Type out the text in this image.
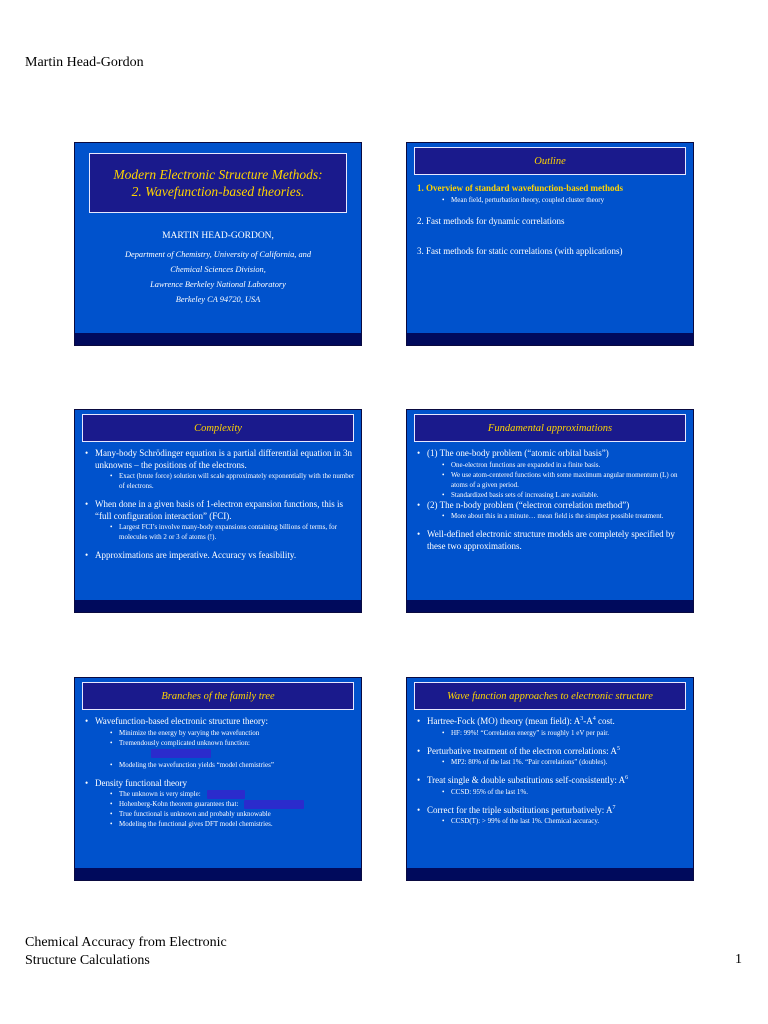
Martin Head-Gordon
Modern Electronic Structure Methods:
2. Wavefunction-based theories.
MARTIN HEAD-GORDON,
Department of Chemistry, University of California, and
Chemical Sciences Division,
Lawrence Berkeley National Laboratory
Berkeley CA 94720, USA
Outline
1. Overview of standard wavefunction-based methods
• Mean field, perturbation theory, coupled cluster theory
2. Fast methods for dynamic correlations
3. Fast methods for static correlations (with applications)
Complexity
• Many-body Schrödinger equation is a partial differential equation in 3n unknowns – the positions of the electrons.
• Exact (brute force) solution will scale approximately exponentially with the number of electrons.
• When done in a given basis of 1-electron expansion functions, this is “full configuration interaction” (FCI).
• Largest FCI’s involve many-body expansions containing billions of terms, for molecules with 2 or 3 of atoms (!).
• Approximations are imperative. Accuracy vs feasibility.
Fundamental approximations
• (1) The one-body problem (“atomic orbital basis”)
• One-electron functions are expanded in a finite basis.
• We use atom-centered functions with some maximum angular momentum (L) on atoms of a given period.
• Standardized basis sets of increasing L are available.
• (2) The n-body problem (“electron correlation method”)
• More about this in a minute… mean field is the simplest possible treatment.
• Well-defined electronic structure models are completely specified by these two approximations.
Branches of the family tree
• Wavefunction-based electronic structure theory:
• Minimize the energy by varying the wavefunction
• Tremendously complicated unknown function:
• Modeling the wavefunction yields “model chemistries”
• Density functional theory
• The unknown is very simple:
• Hohenberg-Kohn theorem guarantees that:
• True functional is unknown and probably unknowable
• Modeling the functional gives DFT model chemistries.
Wave function approaches to electronic structure
• Hartree-Fock (MO) theory (mean field): $A^3-A^4$ cost.
• HF: 99%! “Correlation energy” is roughly 1 eV per pair.
• Perturbative treatment of the electron correlations: $A^5$
• MP2: 80% of the last 1%. “Pair correlations” (doubles).
• Treat single & double substitutions self-consistently: $A^6$
• CCSD: 95% of the last 1%.
• Correct for the triple substitutions perturbatively: $A^7$
• CCSD(T): > 99% of the last 1%. Chemical accuracy.
Chemical Accuracy from Electronic
Structure Calculations	1
